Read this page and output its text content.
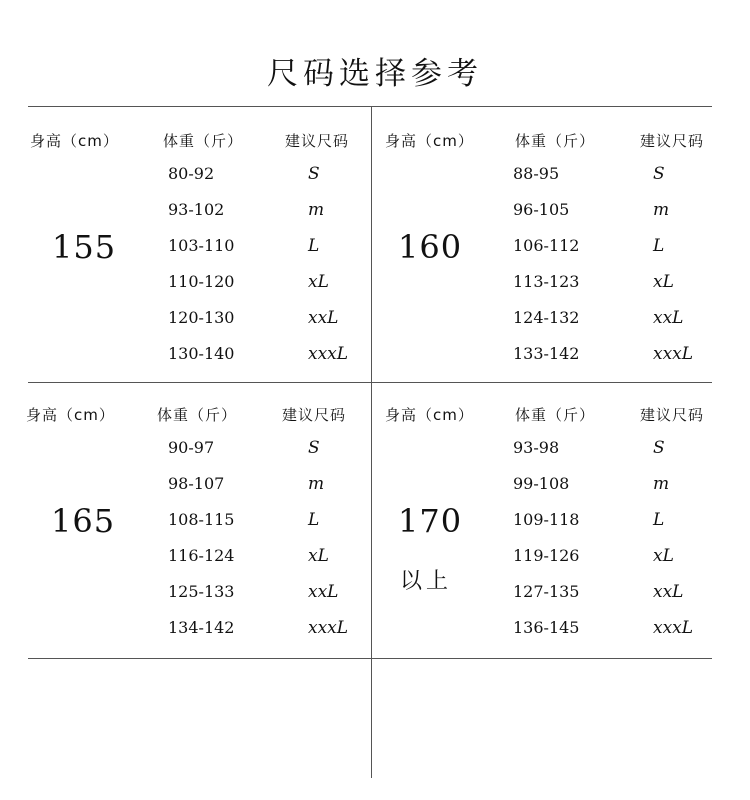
尺码选择参考
身高（cm）	体重（斤）	建议尺码
155
80-92	S
93-102	m
103-110	L
110-120	xL
120-130	xxL
130-140	xxxL
身高（cm）	体重（斤）	建议尺码
160
88-95	S
96-105	m
106-112	L
113-123	xL
124-132	xxL
133-142	xxxL
身高（cm）	体重（斤）	建议尺码
165
90-97	S
98-107	m
108-115	L
116-124	xL
125-133	xxL
134-142	xxxL
身高（cm）	体重（斤）	建议尺码
170
以上
93-98	S
99-108	m
109-118	L
119-126	xL
127-135	xxL
136-145	xxxL
